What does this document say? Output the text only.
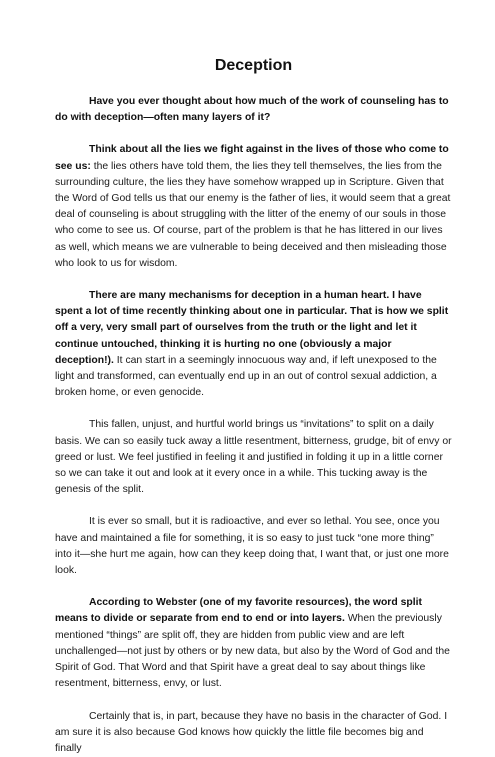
Deception

Have you ever thought about how much of the work of counseling has to do with deception—often many layers of it?

Think about all the lies we fight against in the lives of those who come to see us: the lies others have told them, the lies they tell themselves, the lies from the surrounding culture, the lies they have somehow wrapped up in Scripture. Given that the Word of God tells us that our enemy is the father of lies, it would seem that a great deal of counseling is about struggling with the litter of the enemy of our souls in those who come to see us. Of course, part of the problem is that he has littered in our lives as well, which means we are vulnerable to being deceived and then misleading those who look to us for wisdom.

There are many mechanisms for deception in a human heart. I have spent a lot of time recently thinking about one in particular. That is how we split off a very, very small part of ourselves from the truth or the light and let it continue untouched, thinking it is hurting no one (obviously a major deception!). It can start in a seemingly innocuous way and, if left unexposed to the light and transformed, can eventually end up in an out of control sexual addiction, a broken home, or even genocide.

This fallen, unjust, and hurtful world brings us “invitations” to split on a daily basis. We can so easily tuck away a little resentment, bitterness, grudge, bit of envy or greed or lust. We feel justified in feeling it and justified in folding it up in a little corner so we can take it out and look at it every once in a while. This tucking away is the genesis of the split.

It is ever so small, but it is radioactive, and ever so lethal. You see, once you have and maintained a file for something, it is so easy to just tuck “one more thing” into it—she hurt me again, how can they keep doing that, I want that, or just one more look.

According to Webster (one of my favorite resources), the word split means to divide or separate from end to end or into layers. When the previously mentioned “things” are split off, they are hidden from public view and are left unchallenged—not just by others or by new data, but also by the Word of God and the Spirit of God. That Word and that Spirit have a great deal to say about things like resentment, bitterness, envy, or lust.

Certainly that is, in part, because they have no basis in the character of God. I am sure it is also because God knows how quickly the little file becomes big and finally
